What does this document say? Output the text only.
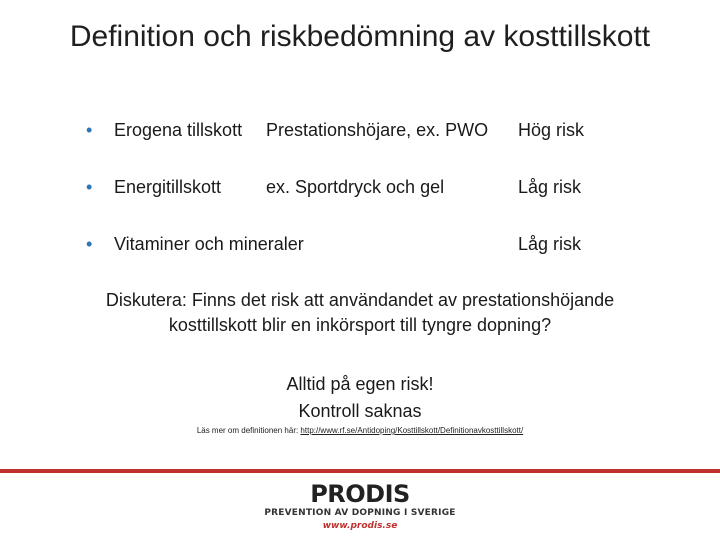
Definition och riskbedömning av kosttillskott
• Erogena tillskott Prestationshöjare, ex. PWO Hög risk
• Energitillskott ex. Sportdryck och gel	Låg risk
• Vitaminer och mineraler	Låg risk
Diskutera: Finns det risk att användandet av prestationshöjande
kosttillskott blir en inkörsport till tyngre dopning?
Alltid på egen risk!
Kontroll saknas
Läs mer om definitionen här: http://www.rf.se/Antidoping/Kosttillskott/Definitionavkosttillskott/
PRODIS
PREVENTION AV DOPNING I SVERIGE
www.prodis.se
